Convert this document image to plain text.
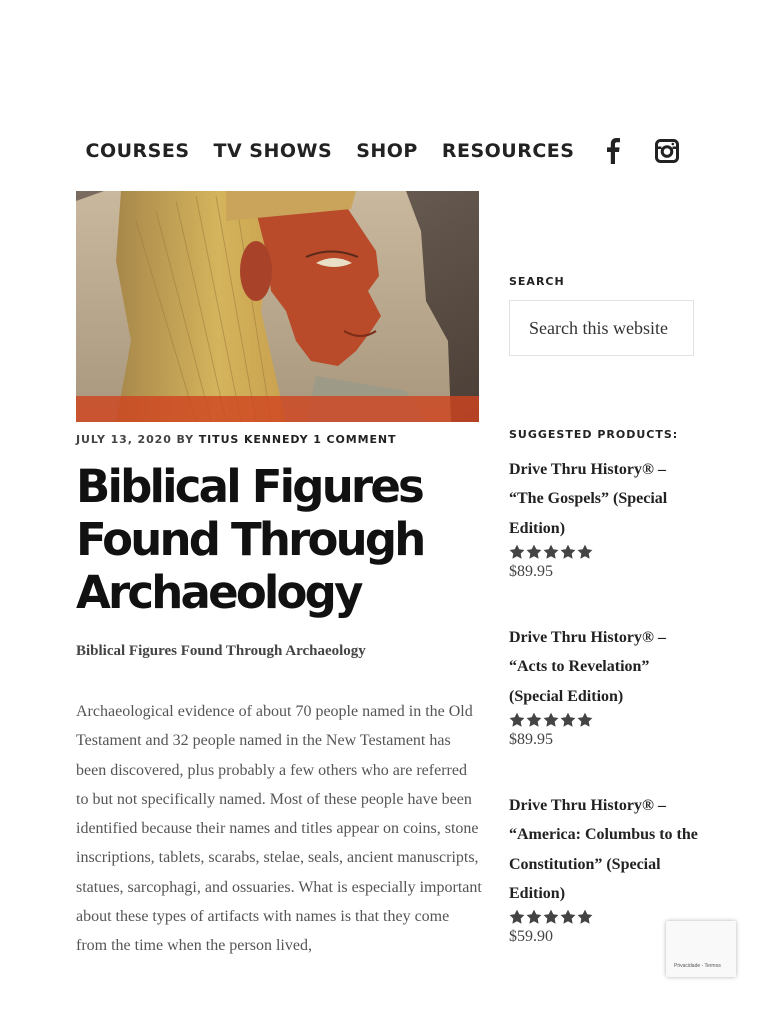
COURSES TV SHOWS SHOP RESOURCES
JULY 13, 2020 BY TITUS KENNEDY 1 COMMENT
Biblical Figures Found Through Archaeology

Biblical Figures Found Through Archaeology

Archaeological evidence of about 70 people named in the Old Testament and 32 people named in the New Testament has been discovered, plus probably a few others who are referred to but not specifically named. Most of these people have been identified because their names and titles appear on coins, stone inscriptions, tablets, scarabs, stelae, seals, ancient manuscripts, statues, sarcophagi, and ossuaries. What is especially important about these types of artifacts with names is that they come from the time when the person lived,

SEARCH
Search this website
SUGGESTED PRODUCTS:
Drive Thru History® – “The Gospels” (Special Edition)
$89.95
Drive Thru History® – “Acts to Revelation” (Special Edition)
$89.95
Drive Thru History® – “America: Columbus to the Constitution” (Special Edition)
$59.90
Privacidade - Termos
